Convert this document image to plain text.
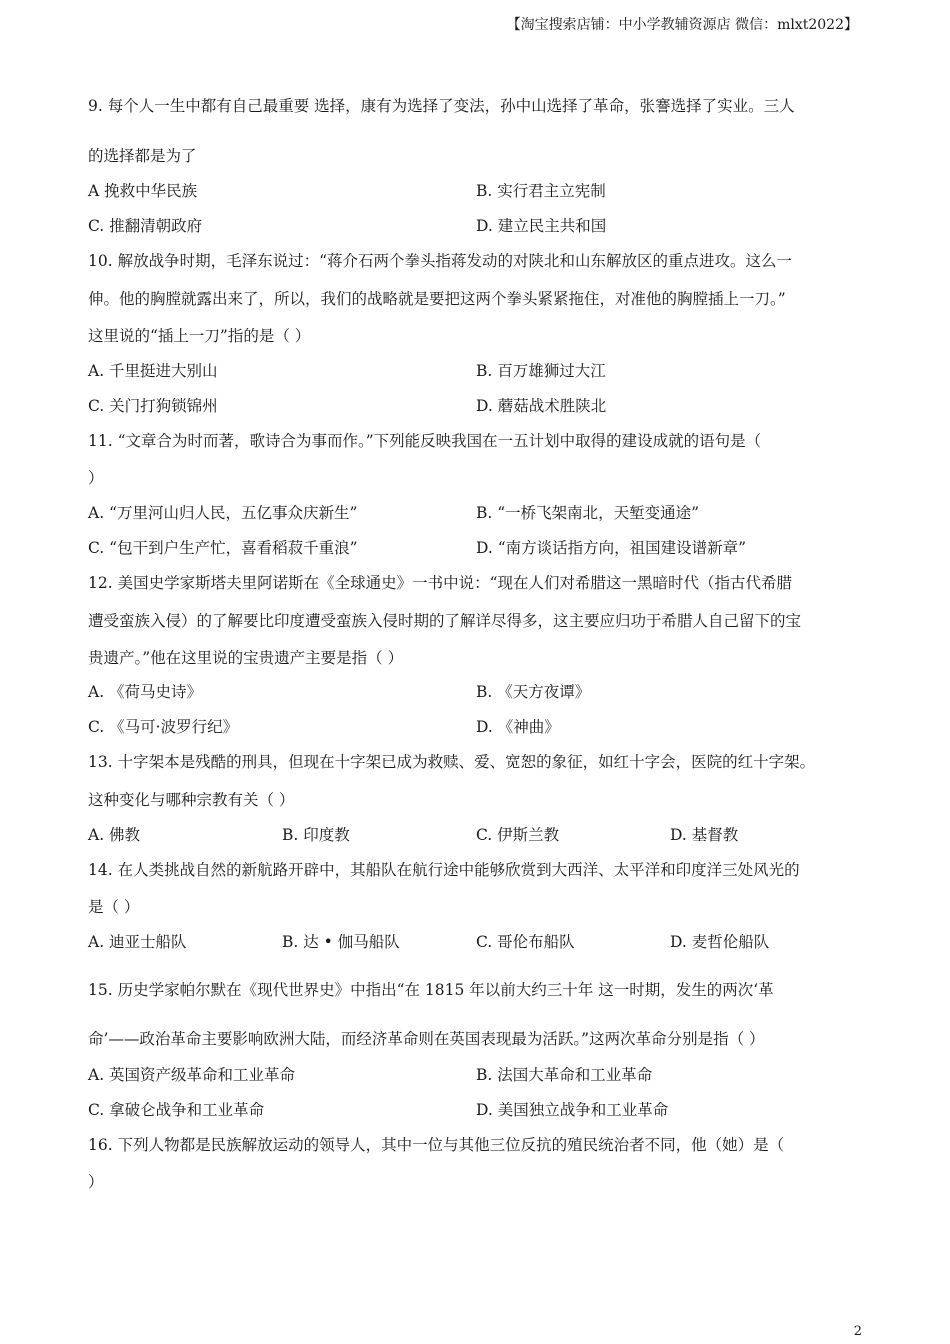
【淘宝搜索店铺：中小学教辅资源店 微信：mlxt2022】
9. 每个人一生中都有自己最重要 选择，康有为选择了变法，孙中山选择了革命，张謇选择了实业。三人
的选择都是为了
A 挽救中华民族	B. 实行君主立宪制
C. 推翻清朝政府	D. 建立民主共和国
10. 解放战争时期，毛泽东说过：“蒋介石两个拳头指蒋发动的对陕北和山东解放区的重点进攻。这么一
伸。他的胸膛就露出来了，所以，我们的战略就是要把这两个拳头紧紧拖住，对准他的胸膛插上一刀。”
这里说的“插上一刀”指的是（ ）
A. 千里挺进大别山	B. 百万雄狮过大江
C. 关门打狗锁锦州	D. 蘑菇战术胜陕北
11. “文章合为时而著，歌诗合为事而作。”下列能反映我国在一五计划中取得的建设成就的语句是（
）
A. “万里河山归人民，五亿事众庆新生”	B. “一桥飞架南北，天堑变通途”
C. “包干到户生产忙，喜看稻菽千重浪”	D. “南方谈话指方向，祖国建设谱新章”
12. 美国史学家斯塔夫里阿诺斯在《全球通史》一书中说：“现在人们对希腊这一黑暗时代（指古代希腊
遭受蛮族入侵）的了解要比印度遭受蛮族入侵时期的了解详尽得多，这主要应归功于希腊人自己留下的宝
贵遗产。”他在这里说的宝贵遗产主要是指（ ）
A. 《荷马史诗》	B. 《天方夜谭》
C. 《马可·波罗行纪》	D. 《神曲》
13. 十字架本是残酷的刑具，但现在十字架已成为救赎、爱、宽恕的象征，如红十字会，医院的红十字架。
这种变化与哪种宗教有关（ ）
A. 佛教	B. 印度教	C. 伊斯兰教	D. 基督教
14. 在人类挑战自然的新航路开辟中，其船队在航行途中能够欣赏到大西洋、太平洋和印度洋三处风光的
是（ ）
A. 迪亚士船队	B. 达 • 伽马船队	C. 哥伦布船队	D. 麦哲伦船队
15. 历史学家帕尔默在《现代世界史》中指出“在 1815 年以前大约三十年 这一时期，发生的两次‘革
命’——政治革命主要影响欧洲大陆，而经济革命则在英国表现最为活跃。”这两次革命分别是指（ ）
A. 英国资产级革命和工业革命	B. 法国大革命和工业革命
C. 拿破仑战争和工业革命	D. 美国独立战争和工业革命
16. 下列人物都是民族解放运动的领导人，其中一位与其他三位反抗的殖民统治者不同，他（她）是（
）
2
